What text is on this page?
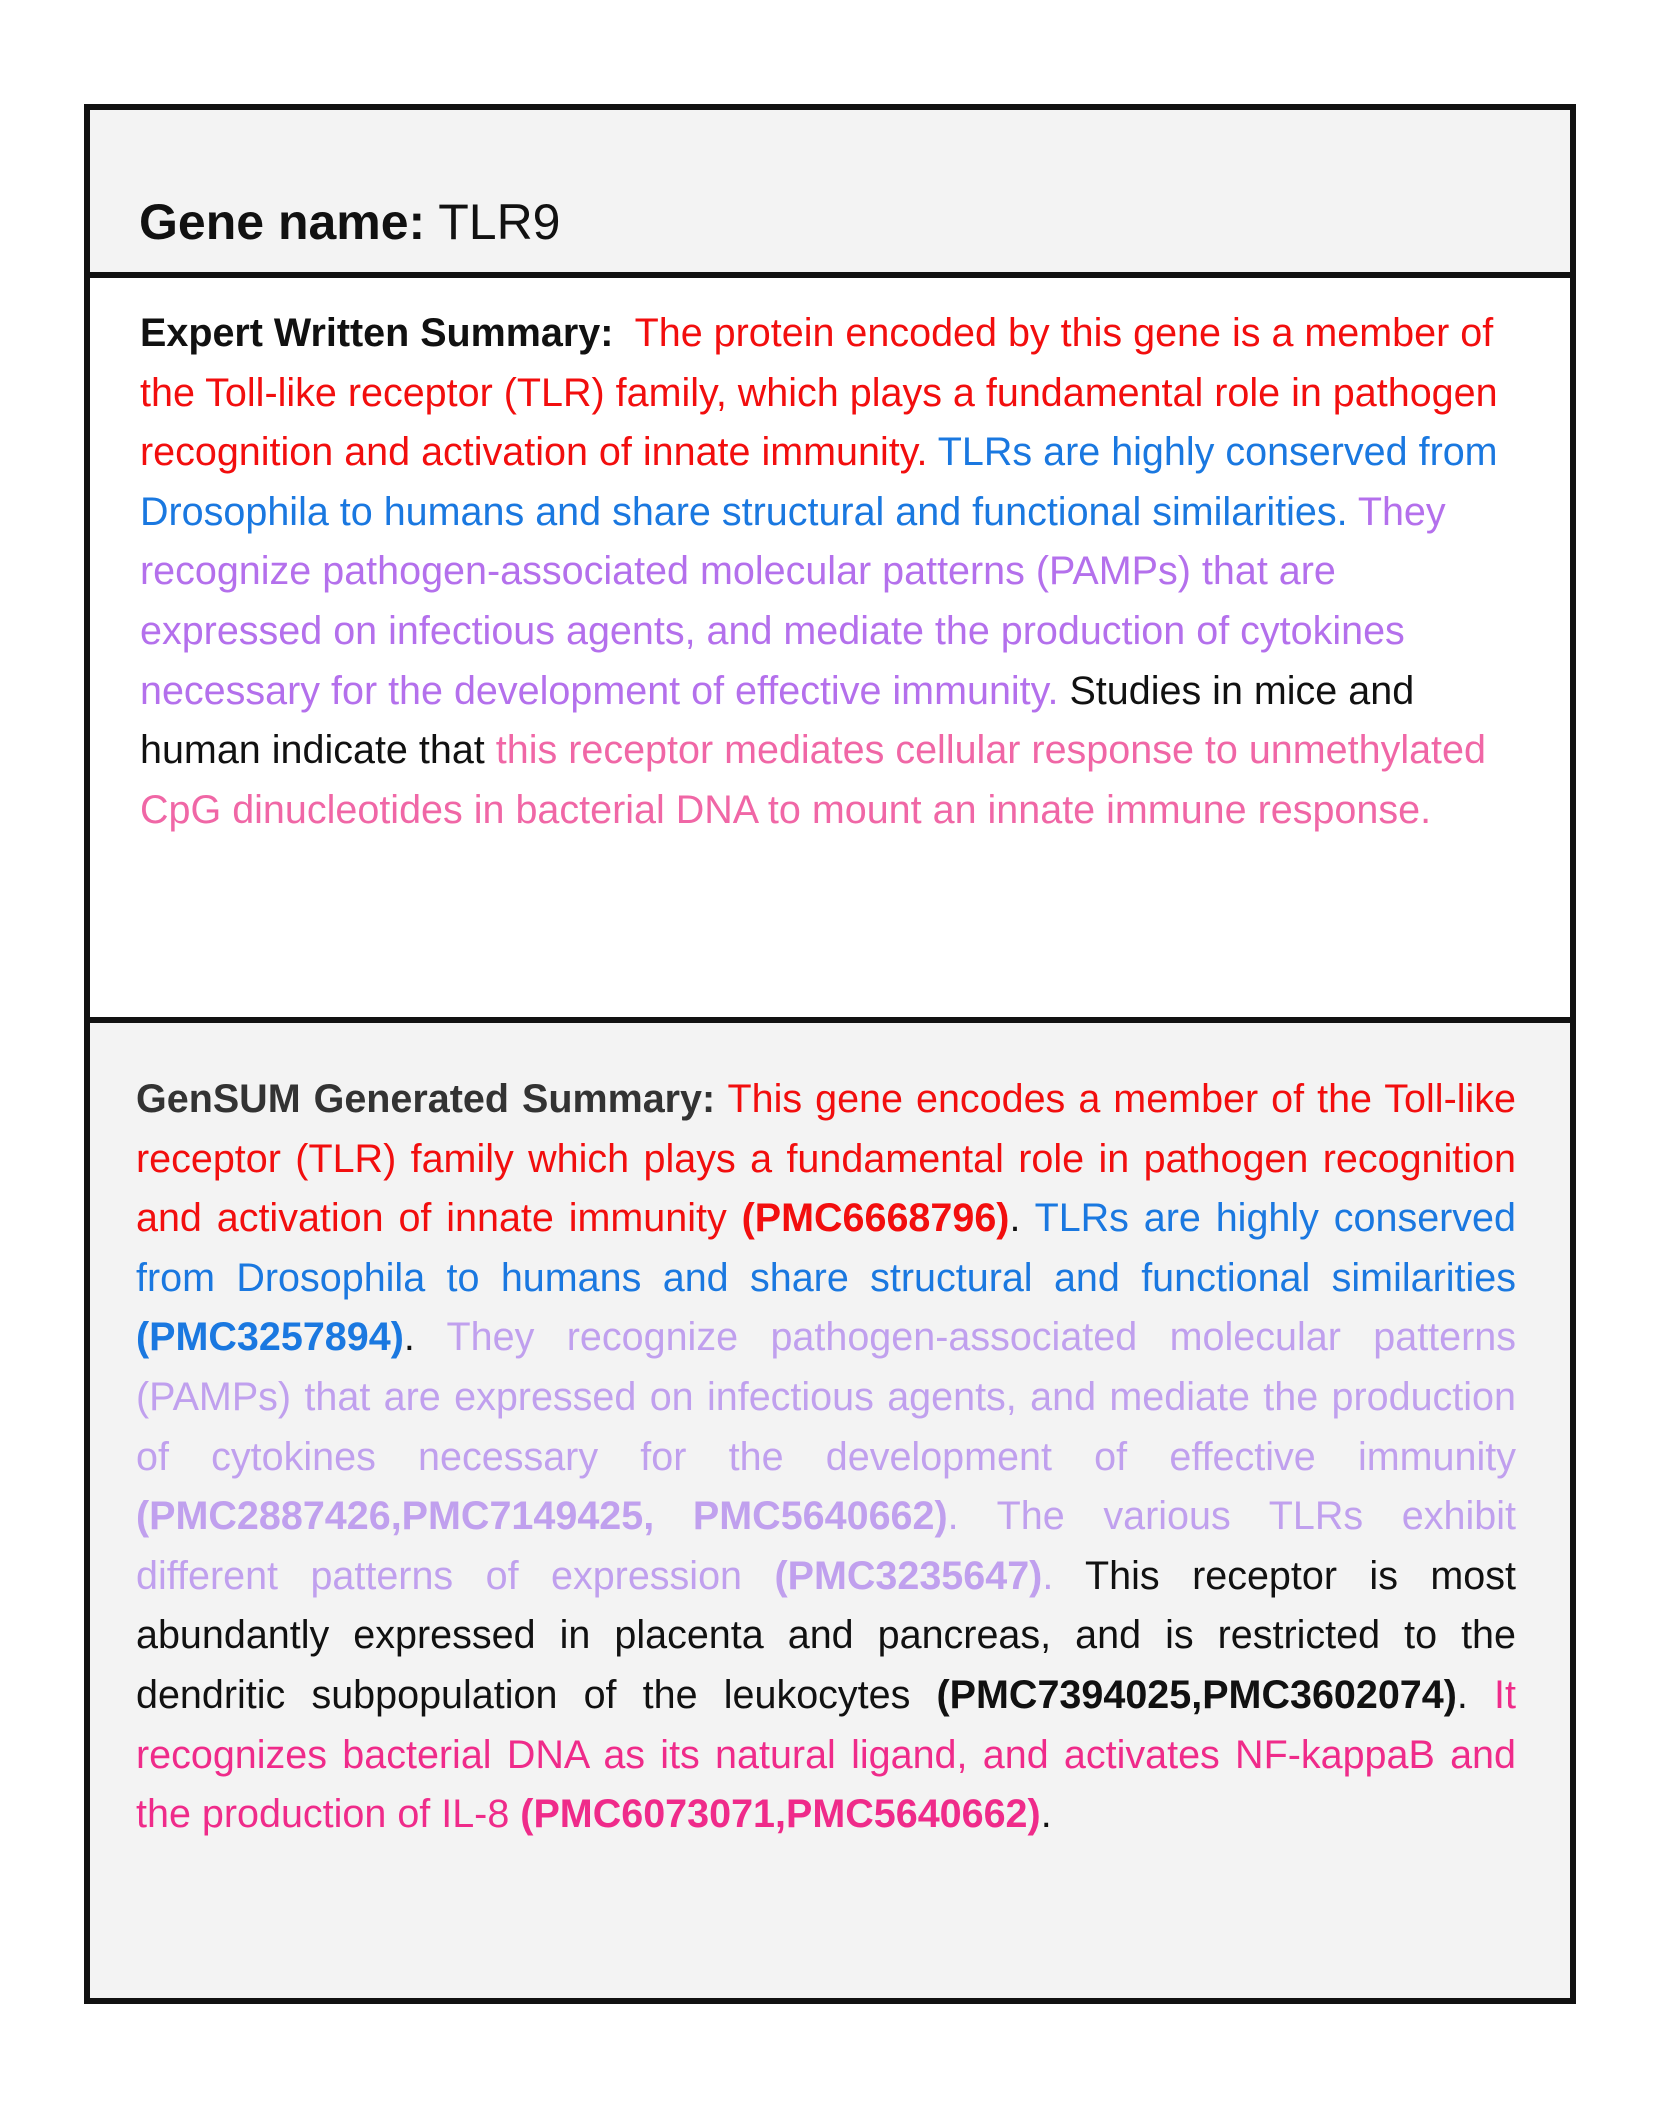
Gene name: TLR9
Expert Written Summary: The protein encoded by this gene is a member of the Toll-like receptor (TLR) family, which plays a fundamental role in pathogen recognition and activation of innate immunity. TLRs are highly conserved from Drosophila to humans and share structural and functional similarities. They recognize pathogen-associated molecular patterns (PAMPs) that are expressed on infectious agents, and mediate the production of cytokines necessary for the development of effective immunity. Studies in mice and human indicate that this receptor mediates cellular response to unmethylated CpG dinucleotides in bacterial DNA to mount an innate immune response.
GenSUM Generated Summary: This gene encodes a member of the Toll-like receptor (TLR) family which plays a fundamental role in pathogen recognition and activation of innate immunity (PMC6668796). TLRs are highly conserved from Drosophila to humans and share structural and functional similarities (PMC3257894). They recognize pathogen-associated molecular patterns (PAMPs) that are expressed on infectious agents, and mediate the production of cytokines necessary for the development of effective immunity (PMC2887426,PMC7149425, PMC5640662). The various TLRs exhibit different patterns of expression (PMC3235647). This receptor is most abundantly expressed in placenta and pancreas, and is restricted to the dendritic subpopulation of the leukocytes (PMC7394025,PMC3602074). It recognizes bacterial DNA as its natural ligand, and activates NF-kappaB and the production of IL-8 (PMC6073071,PMC5640662).
